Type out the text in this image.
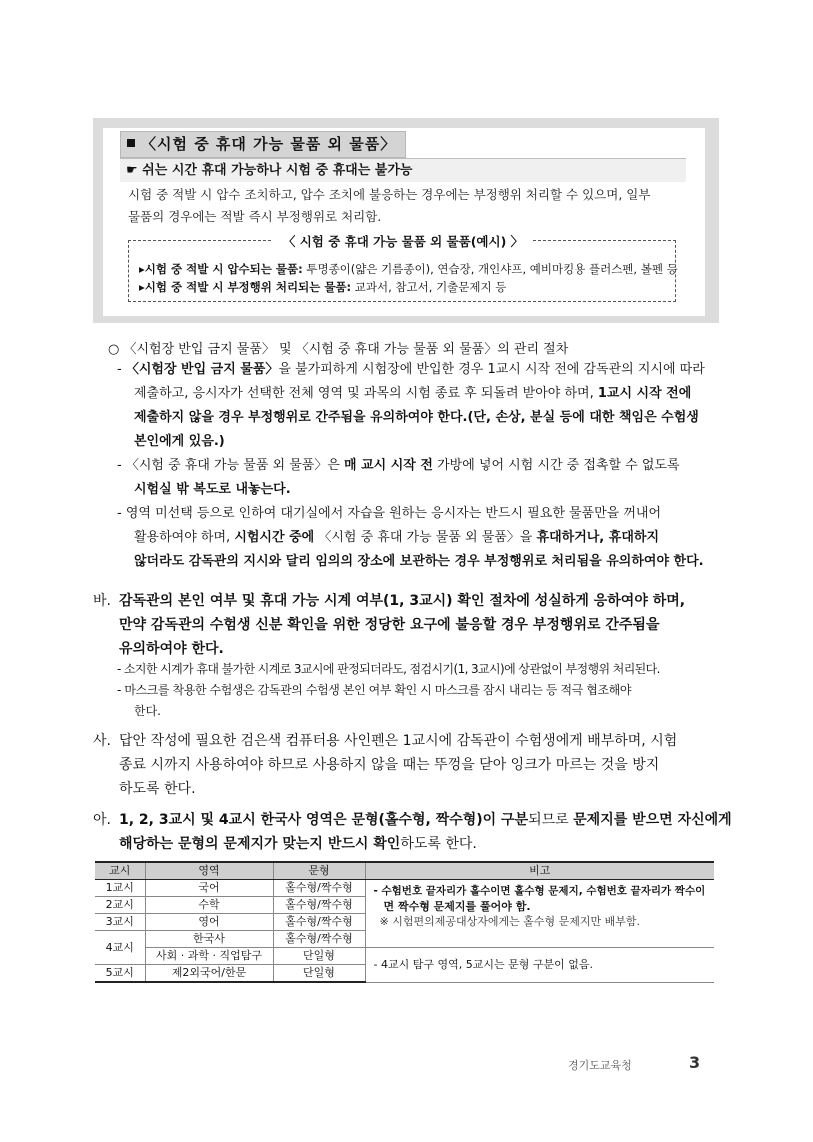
〈시험 중 휴대 가능 물품 외 물품〉
☛ 쉬는 시간 휴대 가능하나 시험 중 휴대는 불가능
시험 중 적발 시 압수 조치하고, 압수 조치에 불응하는 경우에는 부정행위 처리할 수 있으며, 일부
물품의 경우에는 적발 즉시 부정행위로 처리함.
〈 시험 중 휴대 가능 물품 외 물품(예시) 〉
▸시험 중 적발 시 압수되는 물품: 투명종이(얇은 기름종이), 연습장, 개인샤프, 예비마킹용 플러스펜, 볼펜 등
▸시험 중 적발 시 부정행위 처리되는 물품: 교과서, 참고서, 기출문제지 등
○ 〈시험장 반입 금지 물품〉 및 〈시험 중 휴대 가능 물품 외 물품〉의 관리 절차
- 〈시험장 반입 금지 물품〉을 불가피하게 시험장에 반입한 경우 1교시 시작 전에 감독관의 지시에 따라
제출하고, 응시자가 선택한 전체 영역 및 과목의 시험 종료 후 되돌려 받아야 하며, 1교시 시작 전에
제출하지 않을 경우 부정행위로 간주됨을 유의하여야 한다.(단, 손상, 분실 등에 대한 책임은 수험생
본인에게 있음.)
- 〈시험 중 휴대 가능 물품 외 물품〉은 매 교시 시작 전 가방에 넣어 시험 시간 중 접촉할 수 없도록
시험실 밖 복도로 내놓는다.
- 영역 미선택 등으로 인하여 대기실에서 자습을 원하는 응시자는 반드시 필요한 물품만을 꺼내어
활용하여야 하며, 시험시간 중에 〈시험 중 휴대 가능 물품 외 물품〉을 휴대하거나, 휴대하지
않더라도 감독관의 지시와 달리 임의의 장소에 보관하는 경우 부정행위로 처리됨을 유의하여야 한다.
바. 감독관의 본인 여부 및 휴대 가능 시계 여부(1, 3교시) 확인 절차에 성실하게 응하여야 하며,
만약 감독관의 수험생 신분 확인을 위한 정당한 요구에 불응할 경우 부정행위로 간주됨을
유의하여야 한다.
- 소지한 시계가 휴대 불가한 시계로 3교시에 판정되더라도, 점검시기(1, 3교시)에 상관없이 부정행위 처리된다.
- 마스크를 착용한 수험생은 감독관의 수험생 본인 여부 확인 시 마스크를 잠시 내리는 등 적극 협조해야
한다.
사. 답안 작성에 필요한 검은색 컴퓨터용 사인펜은 1교시에 감독관이 수험생에게 배부하며, 시험
종료 시까지 사용하여야 하므로 사용하지 않을 때는 뚜껑을 닫아 잉크가 마르는 것을 방지
하도록 한다.
아. 1, 2, 3교시 및 4교시 한국사 영역은 문형(홀수형, 짝수형)이 구분되므로 문제지를 받으면 자신에게
해당하는 문형의 문제지가 맞는지 반드시 확인하도록 한다.
교시	영역	문형	비고
1교시	국어	홀수형/짝수형	- 수험번호 끝자리가 홀수이면 홀수형 문제지, 수험번호 끝자리가 짝수이
면 짝수형 문제지를 풀어야 함.
※ 시험편의제공대상자에게는 홀수형 문제지만 배부함.

2교시	수학	홀수형/짝수형	
3교시	영어	홀수형/짝수형	
4교시	한국사	홀수형/짝수형	
	사회 · 과학 · 직업탐구	단일형	- 4교시 탐구 영역, 5교시는 문형 구분이 없음.
5교시	제2외국어/한문	단일형	
경기도교육청	3
